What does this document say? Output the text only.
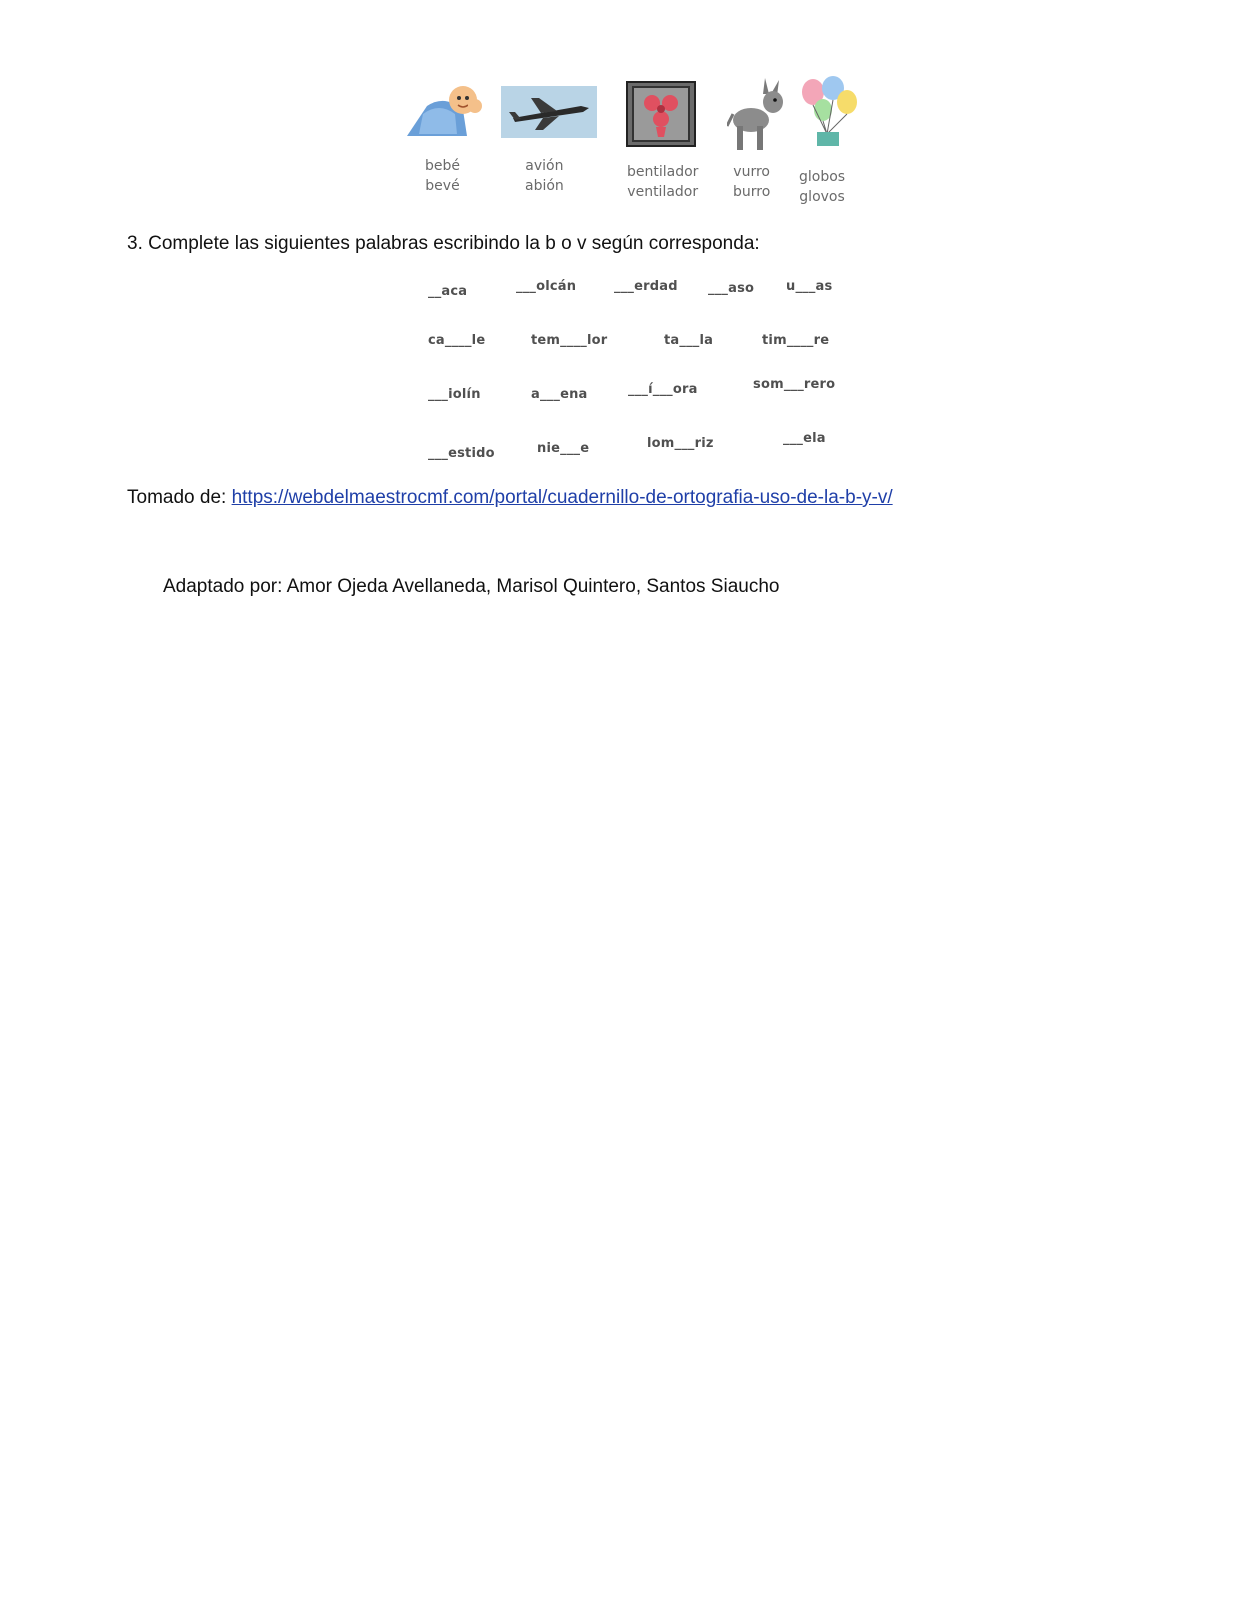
bebé
bevé
avión
abión
bentilador
ventilador
vurro
burro
globos
glovos
3. Complete las siguientes palabras escribindo la b o v según corresponda:
__aca	___olcán	___erdad ___aso u___as
ca____le	tem____lor	ta___la	tim____re
___iolín	a___ena	___í___ora	som___rero
___estido	nie___e	lom___riz	___ela
Tomado de: https://webdelmaestrocmf.com/portal/cuadernillo-de-ortografia-uso-de-la-b-y-v/
Adaptado por: Amor Ojeda Avellaneda, Marisol Quintero, Santos Siaucho
